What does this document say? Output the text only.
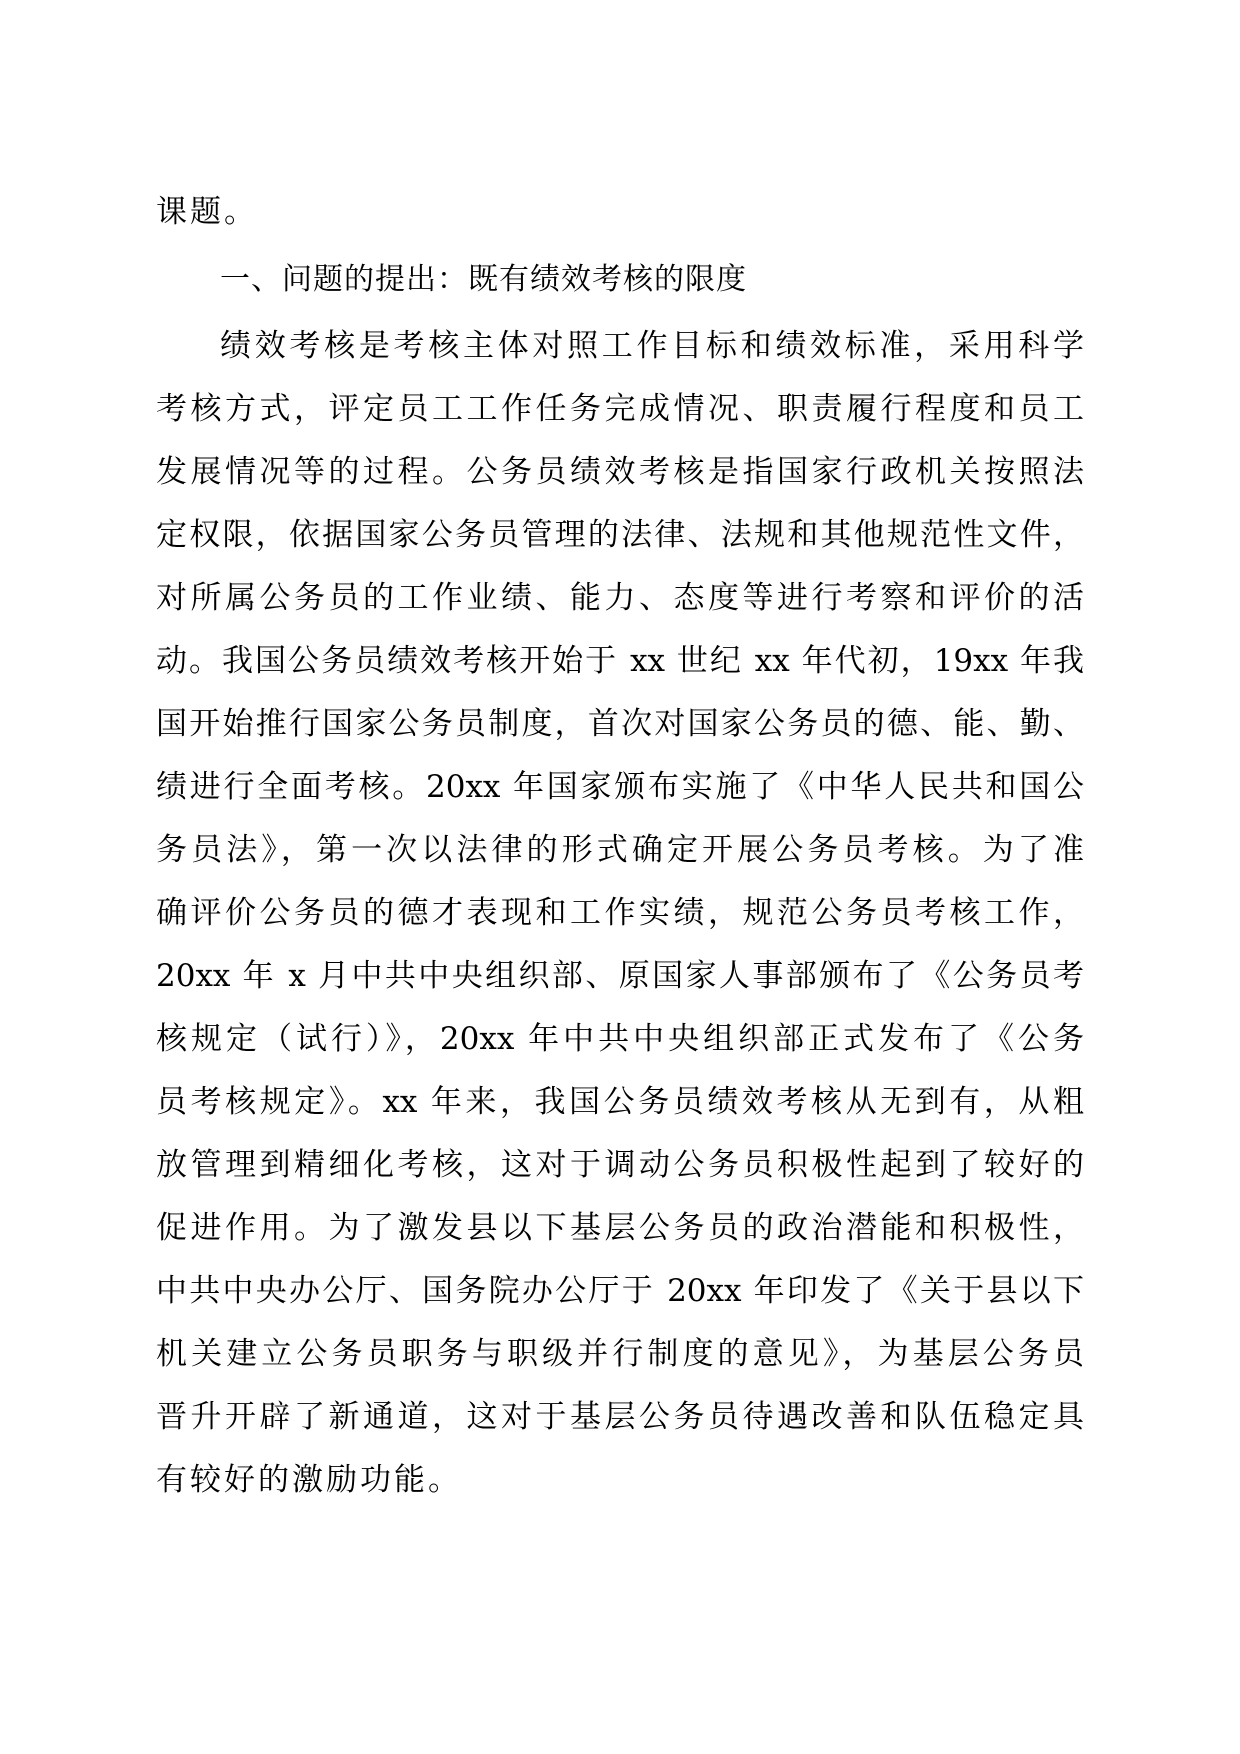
课题。
一、问题的提出：既有绩效考核的限度
绩效考核是考核主体对照工作目标和绩效标准，采用科学
考核方式，评定员工工作任务完成情况、职责履行程度和员工
发展情况等的过程。公务员绩效考核是指国家行政机关按照法
定权限，依据国家公务员管理的法律、法规和其他规范性文件，
对所属公务员的工作业绩、能力、态度等进行考察和评价的活
动。我国公务员绩效考核开始于 xx 世纪 xx 年代初，19xx 年我
国开始推行国家公务员制度，首次对国家公务员的德、能、勤、
绩进行全面考核。20xx 年国家颁布实施了《中华人民共和国公
务员法》，第一次以法律的形式确定开展公务员考核。为了准
确评价公务员的德才表现和工作实绩，规范公务员考核工作，
20xx 年 x 月中共中央组织部、原国家人事部颁布了《公务员考
核规定（试行）》，20xx 年中共中央组织部正式发布了《公务
员考核规定》。xx 年来，我国公务员绩效考核从无到有，从粗
放管理到精细化考核，这对于调动公务员积极性起到了较好的
促进作用。为了激发县以下基层公务员的政治潜能和积极性，
中共中央办公厅、国务院办公厅于 20xx 年印发了《关于县以下
机关建立公务员职务与职级并行制度的意见》，为基层公务员
晋升开辟了新通道，这对于基层公务员待遇改善和队伍稳定具
有较好的激励功能。
